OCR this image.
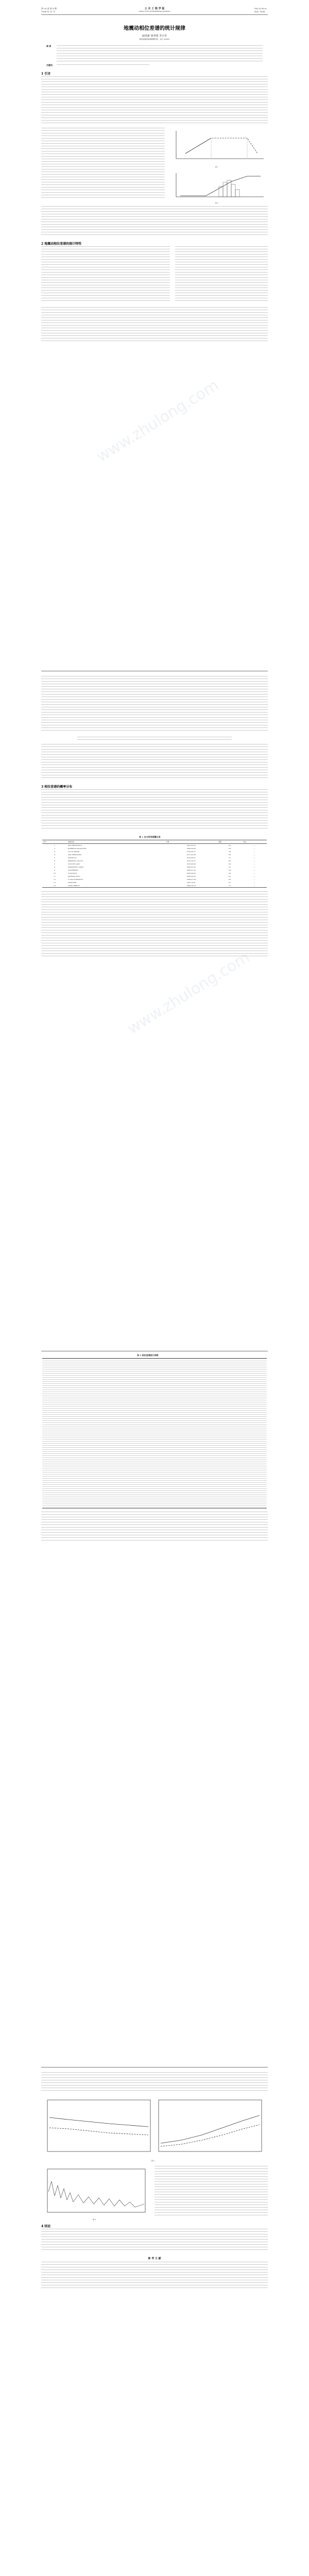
第 30 卷 第 6 期
1996 年 11 月
土 木 工 程 学 报
CHINA CIVIL ENGINEERING JOURNAL
Vol.29 No.6
Nov. 1996
地震动相位差谱的统计规律
赵凤新 胡聿贤 李小军
（国家地震局地球物理研究所，北京 100081）
摘 要
关键词
1 引言
图 1
图 2
2 地震动相位差谱的统计特性
www.zhulong.com
3 相位差谱的概率分布
表 1 本文所用强震记录
序号	地震名称	日期	震级	台站
1	SAN FRANCISCO	1957-03-22	5.3	—
2	BORREGO MOUNTAIN	1968-04-09	6.4	—
3	LYTLE CREEK	1970-09-12	5.4	—
4	SAN FERNANDO	1971-02-09	6.6	—
5	OROVILLE	1975-08-01	5.7	—
6	IMPERIAL VALLEY	1979-10-15	6.6	—
7	COYOTE LAKE	1979-08-06	5.9	—
8	MAMMOTH LAKES	1980-05-25	6.1	—
9	LIVERMORE	1980-01-24	5.8	—
10	COALINGA	1983-05-02	6.4	—
11	MORGAN HILL	1984-04-24	6.2	—
12	N. PALM SPRINGS	1986-07-08	6.0	—
13	WHITTIER	1987-10-01	6.1	—
14	LOMA PRIETA	1989-10-18	7.1	—
www.zhulong.com
表 2 相位差谱统计参数
图 3
图 4
4 结论
参 考 文 献
